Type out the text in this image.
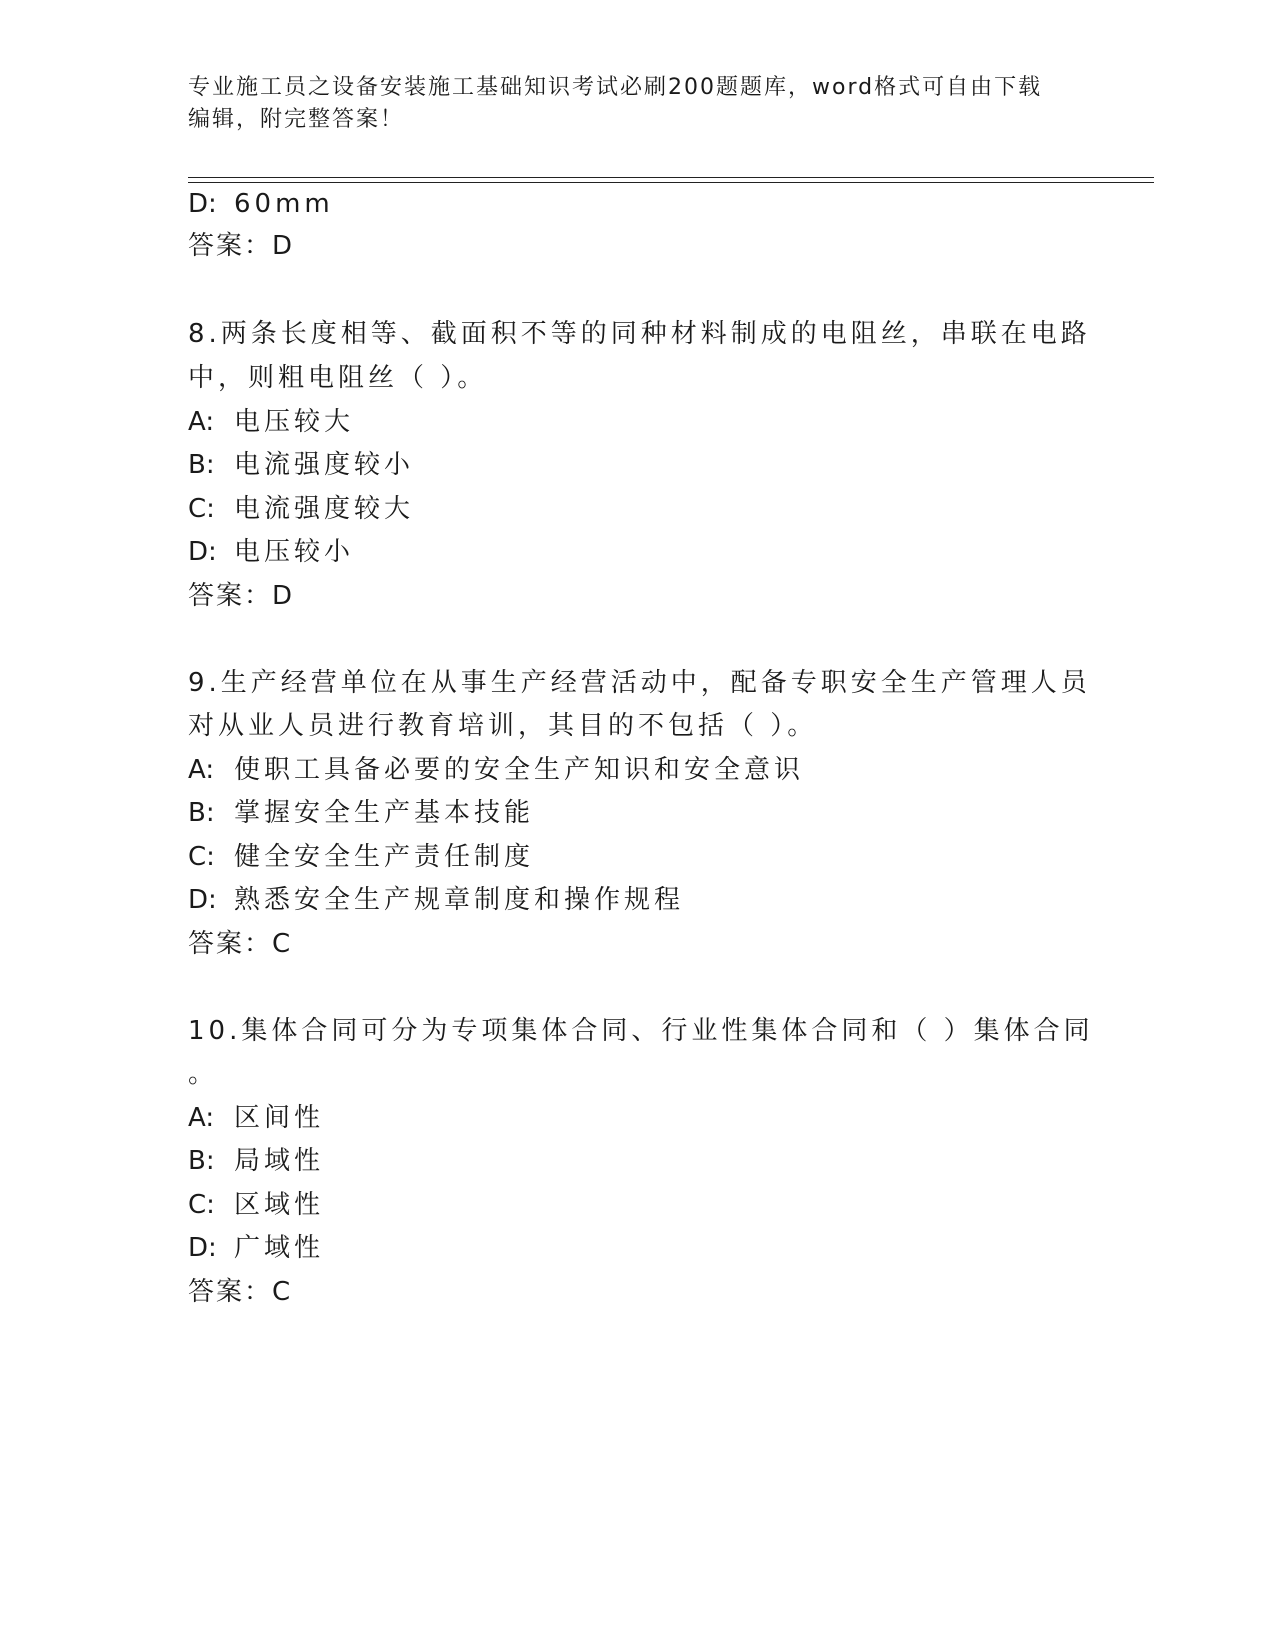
专业施工员之设备安装施工基础知识考试必刷200题题库，word格式可自由下载
编辑，附完整答案！
D: 60mm
答案：D
8.两条长度相等、截面积不等的同种材料制成的电阻丝，串联在电路
中，则粗电阻丝（ ）。
A: 电压较大
B: 电流强度较小
C: 电流强度较大
D: 电压较小
答案：D
9.生产经营单位在从事生产经营活动中，配备专职安全生产管理人员
对从业人员进行教育培训，其目的不包括（ ）。
A: 使职工具备必要的安全生产知识和安全意识
B: 掌握安全生产基本技能
C: 健全安全生产责任制度
D: 熟悉安全生产规章制度和操作规程
答案：C
10.集体合同可分为专项集体合同、行业性集体合同和（ ）集体合同
。
A: 区间性
B: 局域性
C: 区域性
D: 广域性
答案：C
